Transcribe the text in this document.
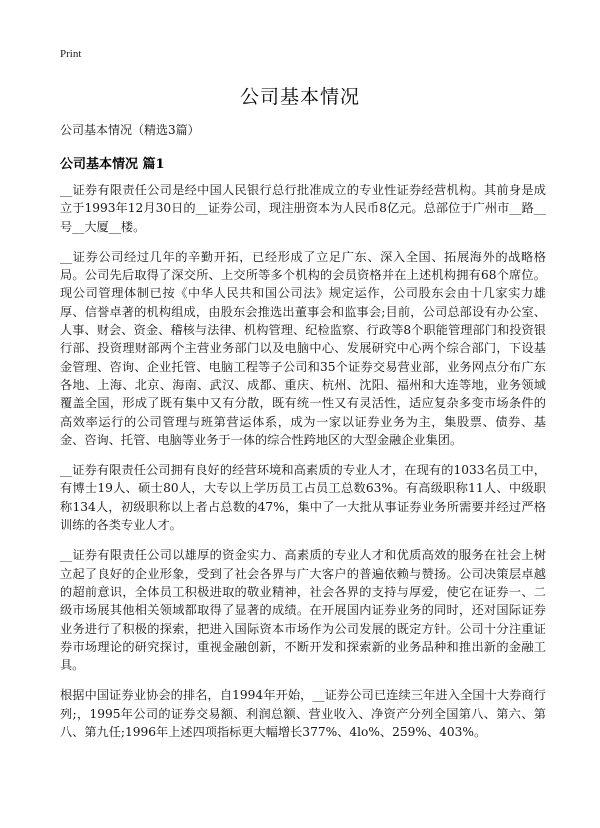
Print
公司基本情况
公司基本情况（精选3篇）
公司基本情况 篇1

__证券有限责任公司是经中国人民银行总行批准成立的专业性证券经营机构。其前身是成立于1993年12月30日的__证券公司，现注册资本为人民币8亿元。总部位于广州市__路__号__大厦__楼。

__证券公司经过几年的辛勤开拓，已经形成了立足广东、深入全国、拓展海外的战略格局。公司先后取得了深交所、上交所等多个机构的会员资格并在上述机构拥有68个席位。现公司管理体制已按《中华人民共和国公司法》规定运作，公司股东会由十几家实力雄厚、信誉卓著的机构组成，由股东会推选出董事会和监事会;目前，公司总部设有办公室、人事、财会、资金、稽核与法律、机构管理、纪检监察、行政等8个职能管理部门和投资银行部、投资理财部两个主营业务部门以及电脑中心、发展研究中心两个综合部门，下设基金管理、咨询、企业托管、电脑工程等子公司和35个证券交易营业部，业务网点分布广东各地、上海、北京、海南、武汉、成都、重庆、杭州、沈阳、福州和大连等地，业务领域覆盖全国，形成了既有集中又有分散，既有统一性又有灵活性，适应复杂多变市场条件的高效率运行的公司管理与班第营运体系，成为一家以证券业务为主，集股票、债券、基金、咨询、托管、电脑等业务于一体的综合性跨地区的大型金融企业集团。

__证券有限责任公司拥有良好的经营环境和高素质的专业人才，在现有的1033名员工中，有博士19人、硕士80人，大专以上学历员工占员工总数63%。有高级职称11人、中级职称134人，初级职称以上者占总数的47%，集中了一大批从事证券业务所需要并经过严格训练的各类专业人才。

__证券有限责任公司以雄厚的资金实力、高素质的专业人才和优质高效的服务在社会上树立起了良好的企业形象，受到了社会各界与广大客户的普遍依赖与赞扬。公司决策层卓越的超前意识，全体员工积极进取的敬业精神，社会各界的支持与厚爱，使它在证券一、二级市场展其他相关领域都取得了显著的成绩。在开展国内证券业务的同时，还对国际证券业务进行了积极的探索，把进入国际资本市场作为公司发展的既定方针。公司十分注重证券市场理论的研究探讨，重视金融创新，不断开发和探索新的业务品种和推出新的金融工具。

根据中国证券业协会的排名，自1994年开始，__证券公司已连续三年进入全国十大券商行列;，1995年公司的证券交易额、利润总额、营业收入、净资产分列全国第八、第六、第八、第九任;1996年上述四项指标更大幅增长377%、4lo%、259%、403%。
